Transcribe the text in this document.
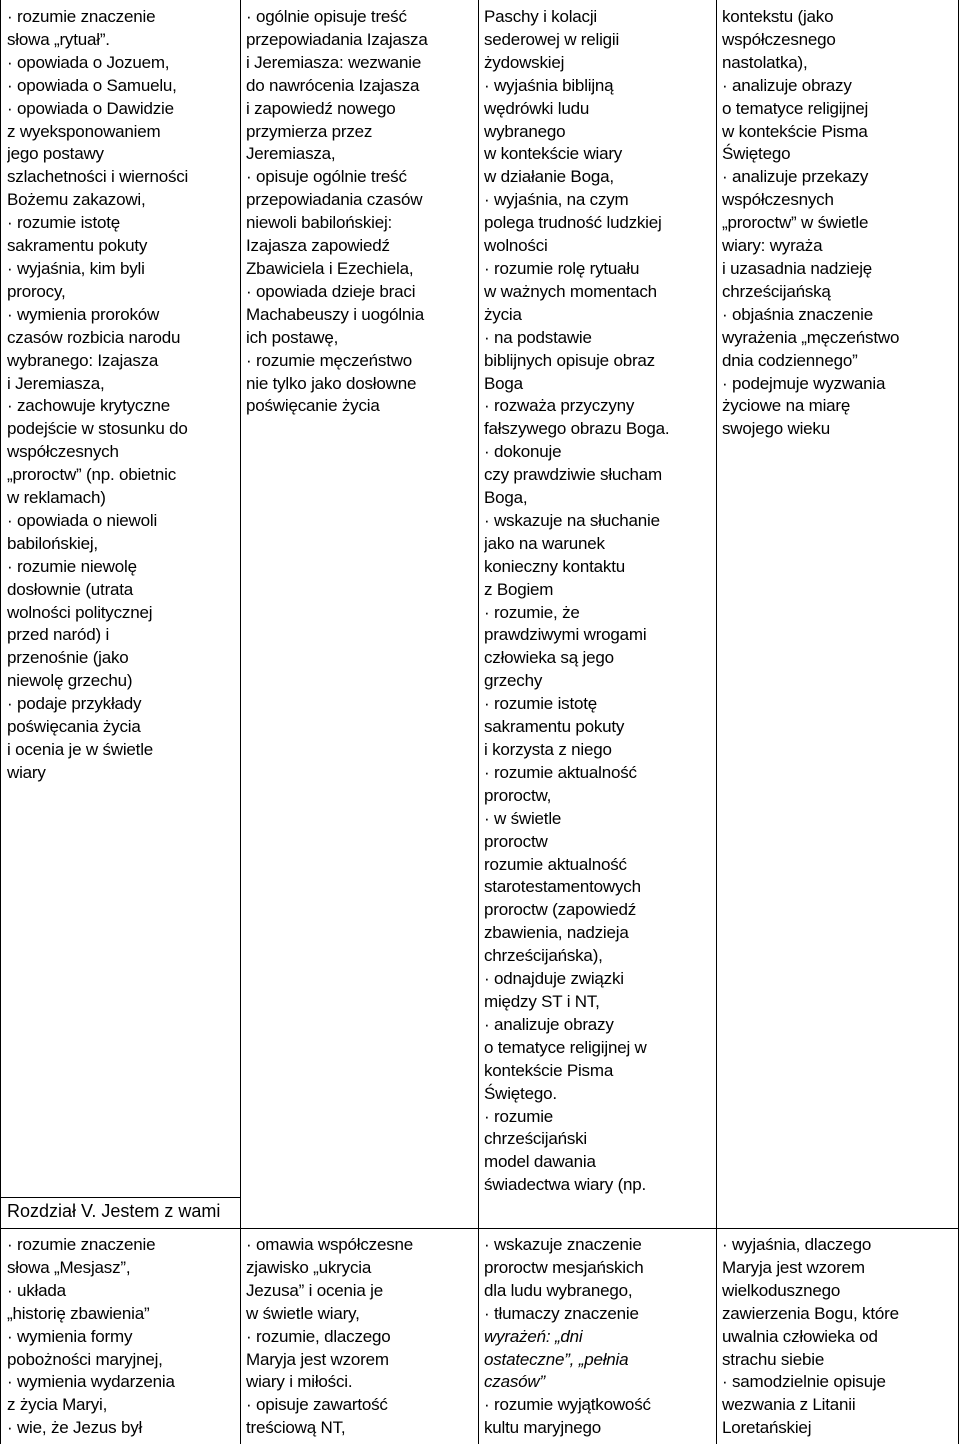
· rozumie znaczenie
słowa „rytuał”.
· opowiada o Jozuem,
· opowiada o Samuelu,
· opowiada o Dawidzie
z wyeksponowaniem
jego postawy
szlachetności i wierności
Bożemu zakazowi,
· rozumie istotę
sakramentu pokuty
· wyjaśnia, kim byli
prorocy,
· wymienia proroków
czasów rozbicia narodu
wybranego: Izajasza
i Jeremiasza,
· zachowuje krytyczne
podejście w stosunku do
współczesnych
„proroctw” (np. obietnic
w reklamach)
· opowiada o niewoli
babilońskiej,
· rozumie niewolę
dosłownie (utrata
wolności politycznej
przed naród) i
przenośnie (jako
niewolę grzechu)
· podaje przykłady
poświęcania życia
i ocenia je w świetle
wiary
· ogólnie opisuje treść
przepowiadania Izajasza
i Jeremiasza: wezwanie
do nawrócenia Izajasza
i zapowiedź nowego
przymierza przez
Jeremiasza,
· opisuje ogólnie treść
przepowiadania czasów
niewoli babilońskiej:
Izajasza zapowiedź
Zbawiciela i Ezechiela,
· opowiada dzieje braci
Machabeuszy i uogólnia
ich postawę,
· rozumie męczeństwo
nie tylko jako dosłowne
poświęcanie życia
Paschy i kolacji
sederowej w religii
żydowskiej
· wyjaśnia biblijną
wędrówki ludu
wybranego
w kontekście wiary
w działanie Boga,
· wyjaśnia, na czym
polega trudność ludzkiej
wolności
· rozumie rolę rytuału
w ważnych momentach
życia
· na podstawie
biblijnych opisuje obraz
Boga
· rozważa przyczyny
fałszywego obrazu Boga.
· dokonuje
czy prawdziwie słucham
Boga,
· wskazuje na słuchanie
jako na warunek
konieczny kontaktu
z Bogiem
· rozumie, że
prawdziwymi wrogami
człowieka są jego
grzechy
· rozumie istotę
sakramentu pokuty
i korzysta z niego
· rozumie aktualność
proroctw,
· w świetle
proroctw
rozumie aktualność
starotestamentowych
proroctw (zapowiedź
zbawienia, nadzieja
chrześcijańska),
· odnajduje związki
między ST i NT,
· analizuje obrazy
o tematyce religijnej w
kontekście Pisma
Świętego.
· rozumie
chrześcijański
model dawania
świadectwa wiary (np.
kontekstu (jako
współczesnego
nastolatka),
· analizuje obrazy
o tematyce religijnej
w kontekście Pisma
Świętego
· analizuje przekazy
współczesnych
„proroctw” w świetle
wiary: wyraża
i uzasadnia nadzieję
chrześcijańską
· objaśnia znaczenie
wyrażenia „męczeństwo
dnia codziennego”
· podejmuje wyzwania
życiowe na miarę
swojego wieku
Rozdział V. Jestem z wami
· rozumie znaczenie
słowa „Mesjasz”,
· układa
„historię zbawienia”
· wymienia formy
pobożności maryjnej,
· wymienia wydarzenia
z życia Maryi,
· wie, że Jezus był
· omawia współczesne
zjawisko „ukrycia
Jezusa” i ocenia je
w świetle wiary,
· rozumie, dlaczego
Maryja jest wzorem
wiary i miłości.
· opisuje zawartość
treściową NT,
· wskazuje znaczenie
proroctw mesjańskich
dla ludu wybranego,
· tłumaczy znaczenie
wyrażeń: „dni
ostateczne”, „pełnia
czasów”
· rozumie wyjątkowość
kultu maryjnego
· wyjaśnia, dlaczego
Maryja jest wzorem
wielkodusznego
zawierzenia Bogu, które
uwalnia człowieka od
strachu siebie
· samodzielnie opisuje
wezwania z Litanii
Loretańskiej
